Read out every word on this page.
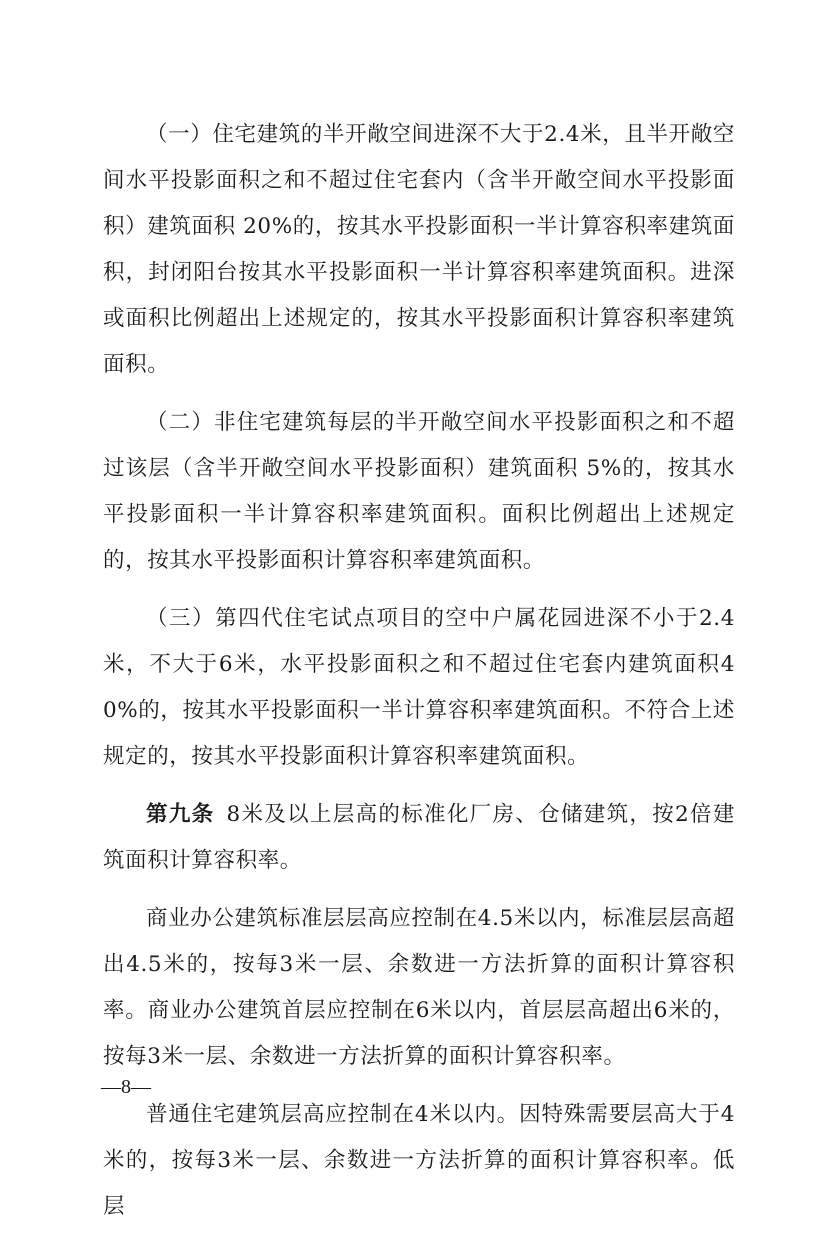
（一）住宅建筑的半开敞空间进深不大于2.4米，且半开敞空间水平投影面积之和不超过住宅套内（含半开敞空间水平投影面积）建筑面积 20%的，按其水平投影面积一半计算容积率建筑面积，封闭阳台按其水平投影面积一半计算容积率建筑面积。进深或面积比例超出上述规定的，按其水平投影面积计算容积率建筑面积。

（二）非住宅建筑每层的半开敞空间水平投影面积之和不超过该层（含半开敞空间水平投影面积）建筑面积 5%的，按其水平投影面积一半计算容积率建筑面积。面积比例超出上述规定的，按其水平投影面积计算容积率建筑面积。

（三）第四代住宅试点项目的空中户属花园进深不小于2.4米，不大于6米，水平投影面积之和不超过住宅套内建筑面积40%的，按其水平投影面积一半计算容积率建筑面积。不符合上述规定的，按其水平投影面积计算容积率建筑面积。

第九条 8米及以上层高的标准化厂房、仓储建筑，按2倍建筑面积计算容积率。

商业办公建筑标准层层高应控制在4.5米以内，标准层层高超出4.5米的，按每3米一层、余数进一方法折算的面积计算容积率。商业办公建筑首层应控制在6米以内，首层层高超出6米的，按每3米一层、余数进一方法折算的面积计算容积率。

普通住宅建筑层高应控制在4米以内。因特殊需要层高大于4米的，按每3米一层、余数进一方法折算的面积计算容积率。低层

—8—
